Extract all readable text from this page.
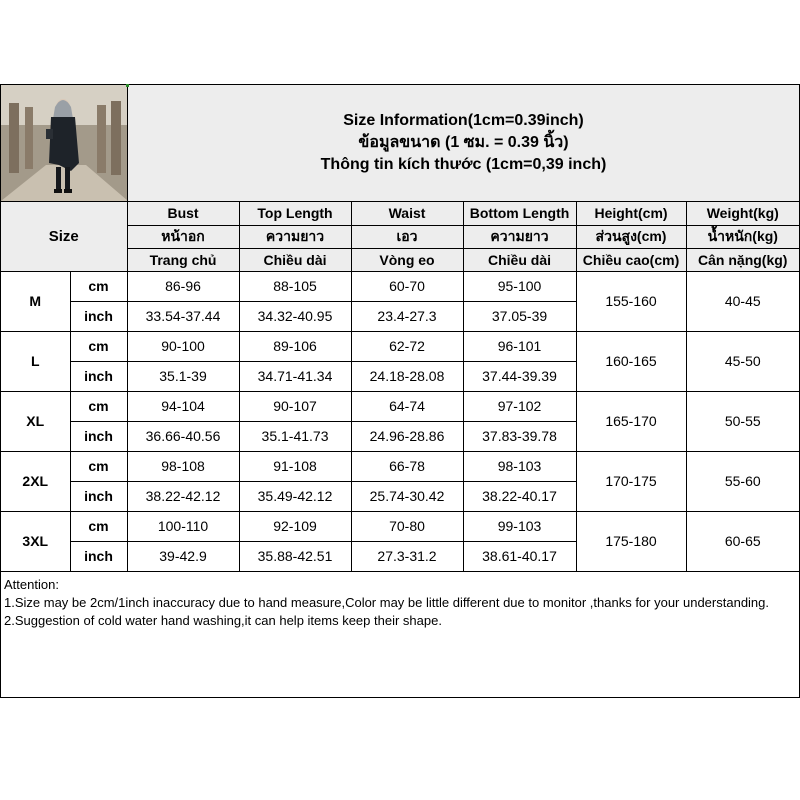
Size Information(1cm=0.39inch)
ข้อมูลขนาด (1 ซม. = 0.39 นิ้ว)
Thông tin kích thước (1cm=0,39 inch)
Size		Bust	Top Length	Waist	Bottom Length	Height(cm)	Weight(kg)
		หน้าอก	ความยาว	เอว	ความยาว	ส่วนสูง(cm)	น้ำหนัก(kg)
		Trang chủ	Chiều dài	Vòng eo	Chiều dài	Chiều cao(cm)	Cân nặng(kg)
M	cm	86-96	88-105	60-70	95-100	155-160	40-45
	inch	33.54-37.44	34.32-40.95	23.4-27.3	37.05-39		
L	cm	90-100	89-106	62-72	96-101	160-165	45-50
	inch	35.1-39	34.71-41.34	24.18-28.08	37.44-39.39		
XL	cm	94-104	90-107	64-74	97-102	165-170	50-55
	inch	36.66-40.56	35.1-41.73	24.96-28.86	37.83-39.78		
2XL	cm	98-108	91-108	66-78	98-103	170-175	55-60
	inch	38.22-42.12	35.49-42.12	25.74-30.42	38.22-40.17		
3XL	cm	100-110	92-109	70-80	99-103	175-180	60-65
	inch	39-42.9	35.88-42.51	27.3-31.2	38.61-40.17		
Attention:
1.Size may be 2cm/1inch inaccuracy due to hand measure,Color may be little different due to monitor ,thanks for your understanding.
2.Suggestion of cold water hand washing,it can help items keep their shape.
